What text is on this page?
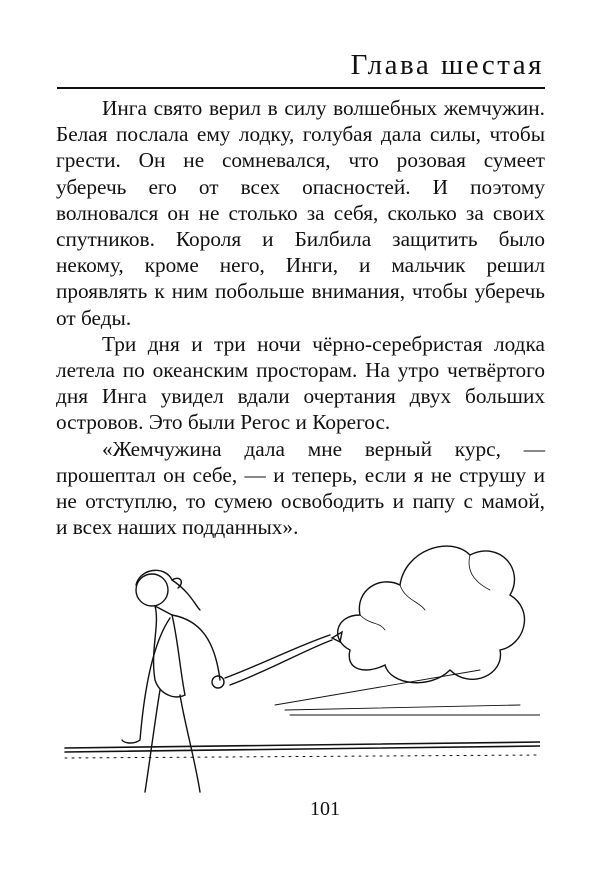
Глава шестая
Инга свято верил в силу волшебных жемчужин.
Белая послала ему лодку, голубая дала силы, чтобы
грести. Он не сомневался, что розовая сумеет
уберечь его от всех опасностей. И поэтому
волновался он не столько за себя, сколько за своих
спутников. Короля и Билбила защитить было
некому, кроме него, Инги, и мальчик решил
проявлять к ним побольше внимания, чтобы уберечь
от беды.
Три дня и три ночи чёрно-серебристая лодка
летела по океанским просторам. На утро четвёртого
дня Инга увидел вдали очертания двух больших
островов. Это были Регос и Корегос.
«Жемчужина дала мне верный курс, —
прошептал он себе, — и теперь, если я не струшу и
не отступлю, то сумею освободить и папу с мамой,
и всех наших подданных».
101
